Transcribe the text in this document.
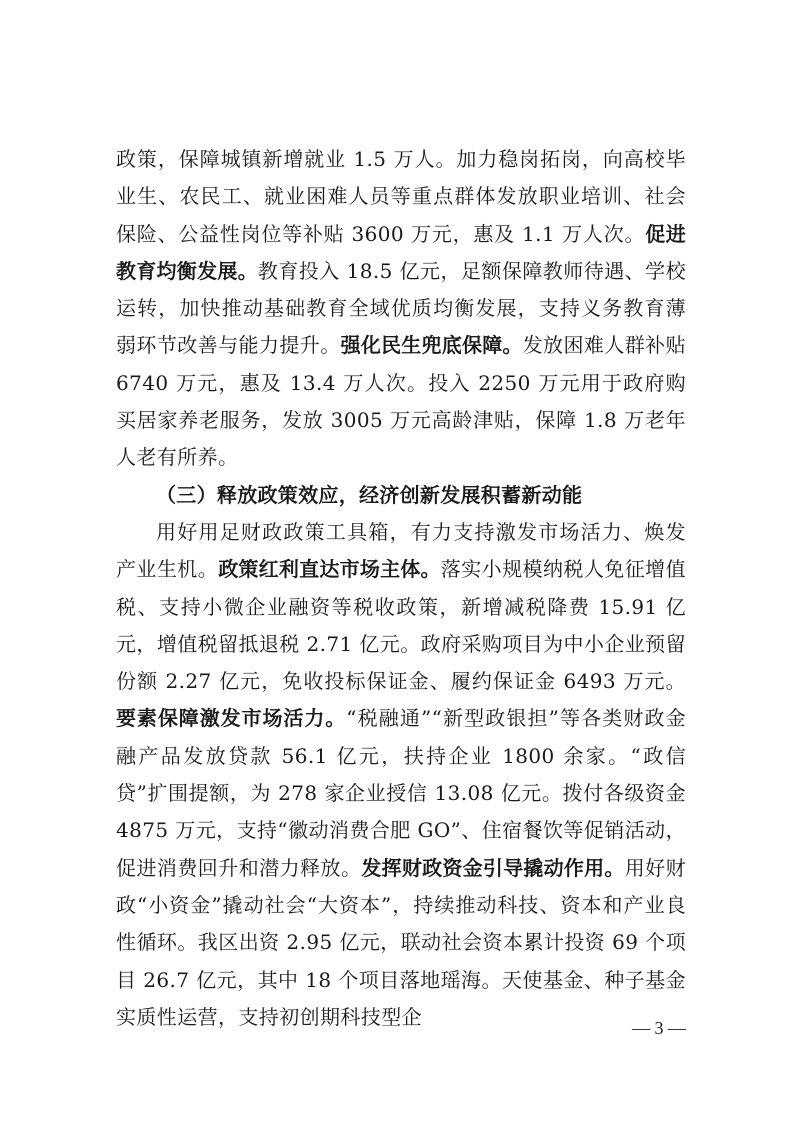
政策，保障城镇新增就业 1.5 万人。加力稳岗拓岗，向高校毕业生、农民工、就业困难人员等重点群体发放职业培训、社会保险、公益性岗位等补贴 3600 万元，惠及 1.1 万人次。促进教育均衡发展。教育投入 18.5 亿元，足额保障教师待遇、学校运转，加快推动基础教育全域优质均衡发展，支持义务教育薄弱环节改善与能力提升。强化民生兜底保障。发放困难人群补贴 6740 万元，惠及 13.4 万人次。投入 2250 万元用于政府购买居家养老服务，发放 3005 万元高龄津贴，保障 1.8 万老年人老有所养。

（三）释放政策效应，经济创新发展积蓄新动能

用好用足财政政策工具箱，有力支持激发市场活力、焕发产业生机。政策红利直达市场主体。落实小规模纳税人免征增值税、支持小微企业融资等税收政策，新增减税降费 15.91 亿元，增值税留抵退税 2.71 亿元。政府采购项目为中小企业预留份额 2.27 亿元，免收投标保证金、履约保证金 6493 万元。要素保障激发市场活力。“税融通”“新型政银担”等各类财政金融产品发放贷款 56.1 亿元，扶持企业 1800 余家。“政信贷”扩围提额，为 278 家企业授信 13.08 亿元。拨付各级资金 4875 万元，支持“徽动消费合肥 GO”、住宿餐饮等促销活动，促进消费回升和潜力释放。发挥财政资金引导撬动作用。用好财政“小资金”撬动社会“大资本”，持续推动科技、资本和产业良性循环。我区出资 2.95 亿元，联动社会资本累计投资 69 个项目 26.7 亿元，其中 18 个项目落地瑶海。天使基金、种子基金实质性运营，支持初创期科技型企	— 3 —
